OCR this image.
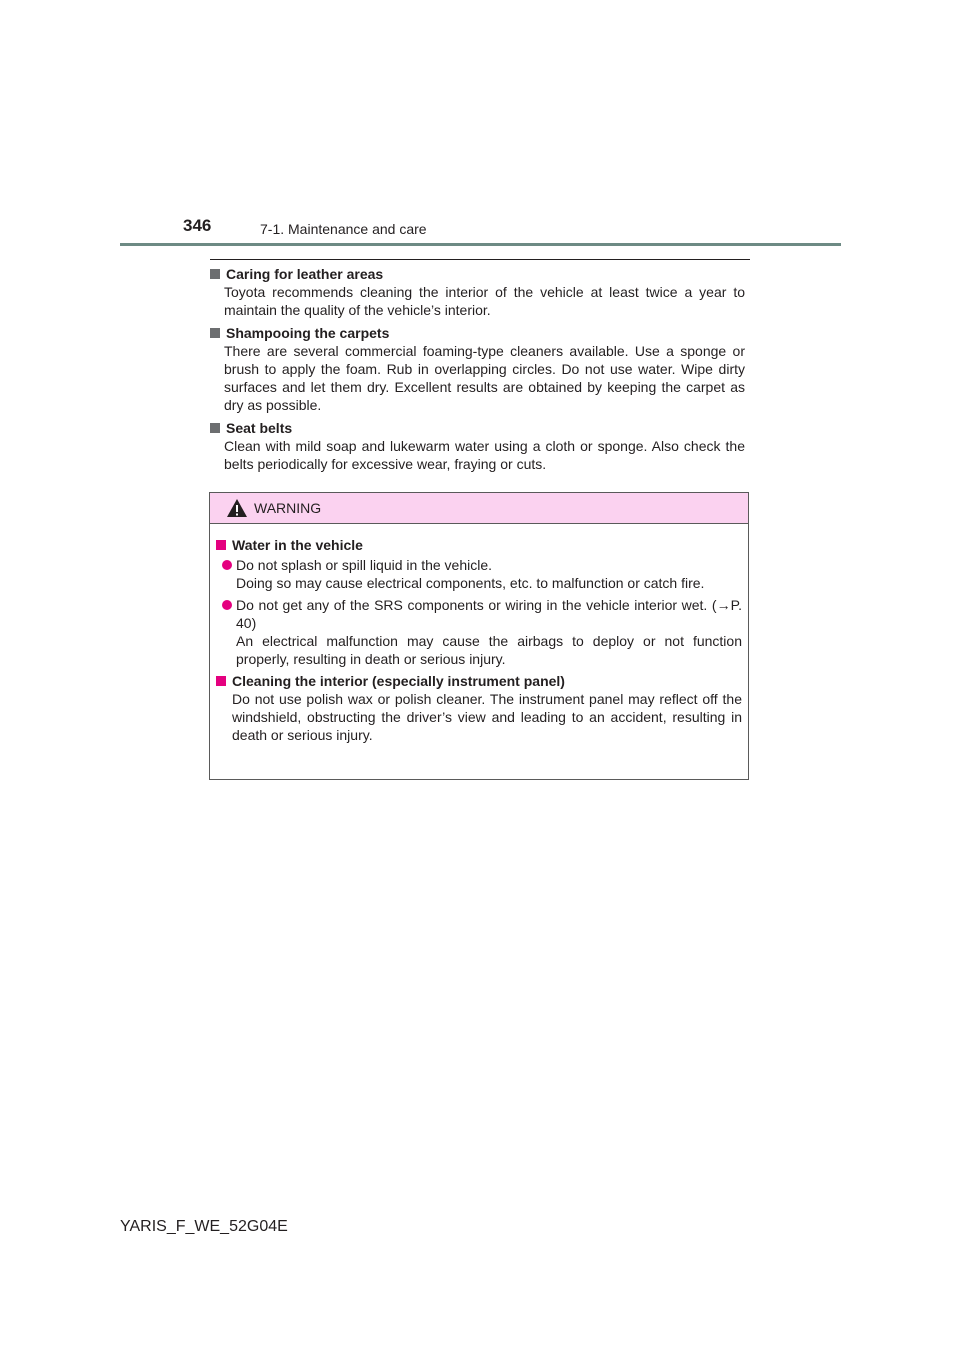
346	7-1. Maintenance and care
Caring for leather areas
Toyota recommends cleaning the interior of the vehicle at least twice a year to maintain the quality of the vehicle’s interior.
Shampooing the carpets
There are several commercial foaming-type cleaners available. Use a sponge or brush to apply the foam. Rub in overlapping circles. Do not use water. Wipe dirty surfaces and let them dry. Excellent results are obtained by keeping the carpet as dry as possible.
Seat belts
Clean with mild soap and lukewarm water using a cloth or sponge. Also check the belts periodically for excessive wear, fraying or cuts.
WARNING
Water in the vehicle
Do not splash or spill liquid in the vehicle.
Doing so may cause electrical components, etc. to malfunction or catch fire.
Do not get any of the SRS components or wiring in the vehicle interior wet. (→P. 40)
An electrical malfunction may cause the airbags to deploy or not function properly, resulting in death or serious injury.
Cleaning the interior (especially instrument panel)
Do not use polish wax or polish cleaner. The instrument panel may reflect off the windshield, obstructing the driver’s view and leading to an accident, resulting in death or serious injury.
YARIS_F_WE_52G04E
